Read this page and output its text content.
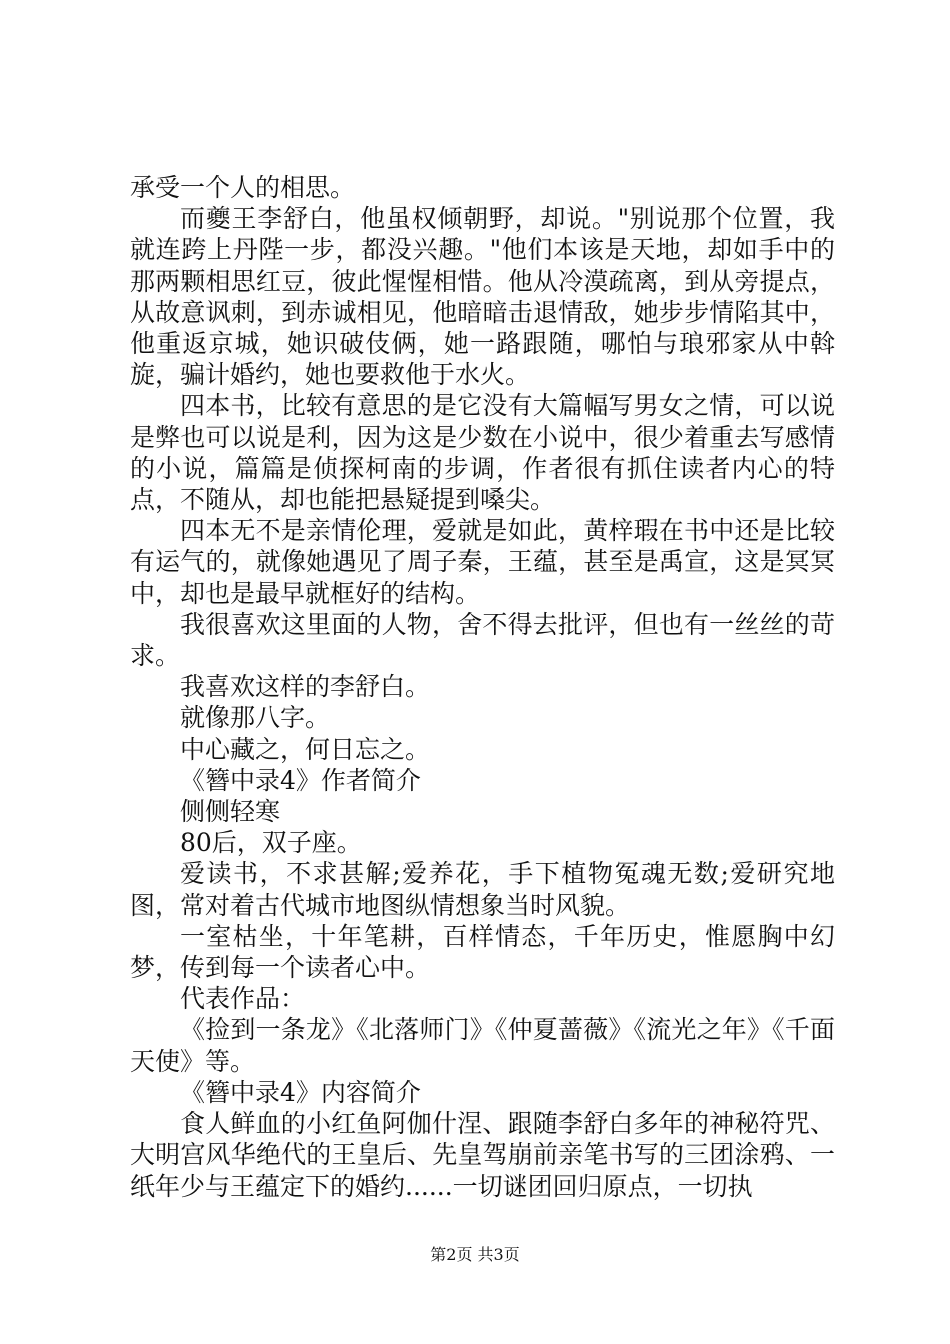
承受一个人的相思。

而夔王李舒白，他虽权倾朝野，却说。"别说那个位置，我就连跨上丹陛一步，都没兴趣。"他们本该是天地，却如手中的那两颗相思红豆，彼此惺惺相惜。他从冷漠疏离，到从旁提点，从故意讽刺，到赤诚相见，他暗暗击退情敌，她步步情陷其中，他重返京城，她识破伎俩，她一路跟随，哪怕与琅邪家从中斡旋，骗计婚约，她也要救他于水火。

四本书，比较有意思的是它没有大篇幅写男女之情，可以说是弊也可以说是利，因为这是少数在小说中，很少着重去写感情的小说，篇篇是侦探柯南的步调，作者很有抓住读者内心的特点，不随从，却也能把悬疑提到嗓尖。

四本无不是亲情伦理，爱就是如此，黄梓瑕在书中还是比较有运气的，就像她遇见了周子秦，王蕴，甚至是禹宣，这是冥冥中，却也是最早就框好的结构。

我很喜欢这里面的人物，舍不得去批评，但也有一丝丝的苛求。

我喜欢这样的李舒白。

就像那八字。

中心藏之，何日忘之。

《簪中录4》作者简介

侧侧轻寒

80后，双子座。

爱读书，不求甚解;爱养花，手下植物冤魂无数;爱研究地图，常对着古代城市地图纵情想象当时风貌。

一室枯坐，十年笔耕，百样情态，千年历史，惟愿胸中幻梦，传到每一个读者心中。

代表作品：

《捡到一条龙》《北落师门》《仲夏蔷薇》《流光之年》《千面天使》等。

《簪中录4》内容简介

食人鲜血的小红鱼阿伽什涅、跟随李舒白多年的神秘符咒、大明宫风华绝代的王皇后、先皇驾崩前亲笔书写的三团涂鸦、一纸年少与王蕴定下的婚约......一切谜团回归原点，一切执

第2页 共3页
